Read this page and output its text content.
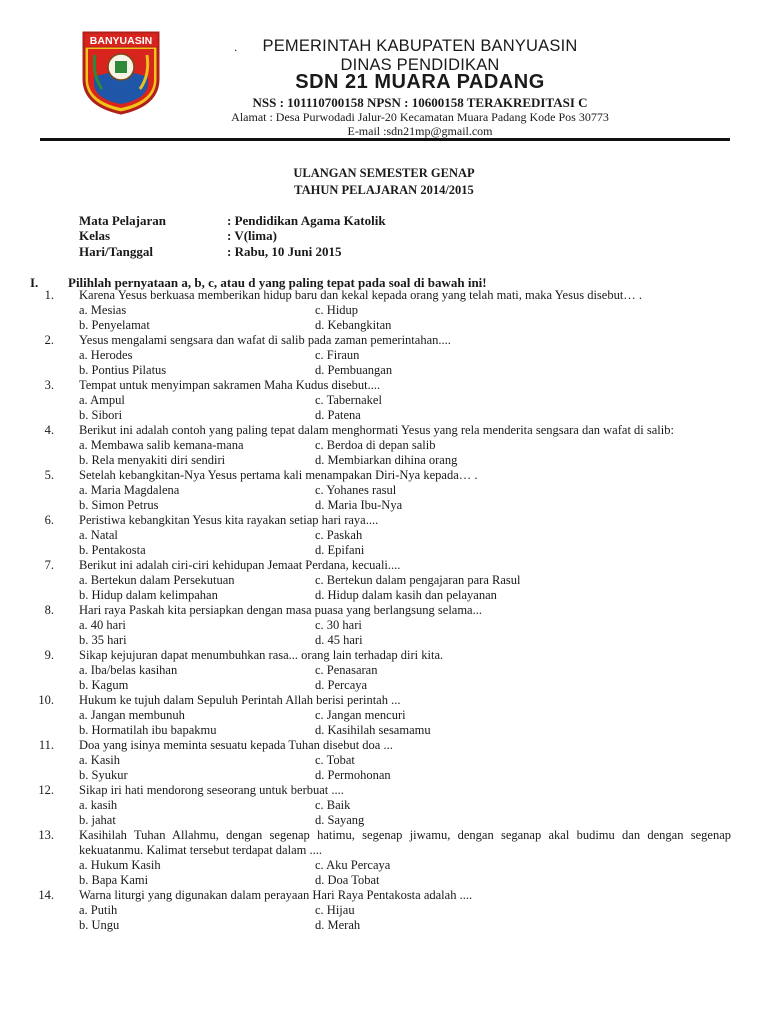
BANYUASIN	.	PEMERINTAH KABUPATEN BANYUASIN
DINAS PENDIDIKAN
SDN 21 MUARA PADANG
NSS : 101110700158 NPSN : 10600158 TERAKREDITASI C
Alamat : Desa Purwodadi Jalur-20 Kecamatan Muara Padang Kode Pos 30773
E-mail :sdn21mp@gmail.com
ULANGAN SEMESTER GENAP
TAHUN PELAJARAN 2014/2015
Mata Pelajaran	: Pendidikan Agama Katolik
Kelas	: V(lima)
Hari/Tanggal	: Rabu, 10 Juni 2015
I. Pilihlah pernyataan a, b, c, atau d yang paling tepat pada soal di bawah ini!
1. Karena Yesus berkuasa memberikan hidup baru dan kekal kepada orang yang telah mati, maka Yesus disebut… .
a. Mesias	c. Hidup
b. Penyelamat	d. Kebangkitan
2. Yesus mengalami sengsara dan wafat di salib pada zaman pemerintahan....
a. Herodes	c. Firaun
b. Pontius Pilatus	d. Pembuangan
3. Tempat untuk menyimpan sakramen Maha Kudus disebut....
a. Ampul	c. Tabernakel
b. Sibori	d. Patena
4. Berikut ini adalah contoh yang paling tepat dalam menghormati Yesus yang rela menderita sengsara dan wafat di salib:
a. Membawa salib kemana-mana	c. Berdoa di depan salib
b. Rela menyakiti diri sendiri	d. Membiarkan dihina orang
5. Setelah kebangkitan-Nya Yesus pertama kali menampakan Diri-Nya kepada… .
a. Maria Magdalena	c. Yohanes rasul
b. Simon Petrus	d. Maria Ibu-Nya
6. Peristiwa kebangkitan Yesus kita rayakan setiap hari raya....
a. Natal	c. Paskah
b. Pentakosta	d. Epifani
7. Berikut ini adalah ciri-ciri kehidupan Jemaat Perdana, kecuali....
a. Bertekun dalam Persekutuan	c. Bertekun dalam pengajaran para Rasul
b. Hidup dalam kelimpahan	d. Hidup dalam kasih dan pelayanan
8. Hari raya Paskah kita persiapkan dengan masa puasa yang berlangsung selama...
a. 40 hari	c. 30 hari
b. 35 hari	d. 45 hari
9. Sikap kejujuran dapat menumbuhkan rasa... orang lain terhadap diri kita.
a. Iba/belas kasihan	c. Penasaran
b. Kagum	d. Percaya
10. Hukum ke tujuh dalam Sepuluh Perintah Allah berisi perintah ...
a. Jangan membunuh	c. Jangan mencuri
b. Hormatilah ibu bapakmu	d. Kasihilah sesamamu
11. Doa yang isinya meminta sesuatu kepada Tuhan disebut doa ...
a. Kasih	c. Tobat
b. Syukur	d. Permohonan
12. Sikap iri hati mendorong seseorang untuk berbuat ....
a. kasih	c. Baik
b. jahat	d. Sayang
13. Kasihilah Tuhan Allahmu, dengan segenap hatimu, segenap jiwamu, dengan seganap akal budimu dan dengan segenap kekuatanmu. Kalimat tersebut terdapat dalam ....
a. Hukum Kasih	c. Aku Percaya
b. Bapa Kami	d. Doa Tobat
14. Warna liturgi yang digunakan dalam perayaan Hari Raya Pentakosta adalah ....
a. Putih	c. Hijau
b. Ungu	d. Merah
